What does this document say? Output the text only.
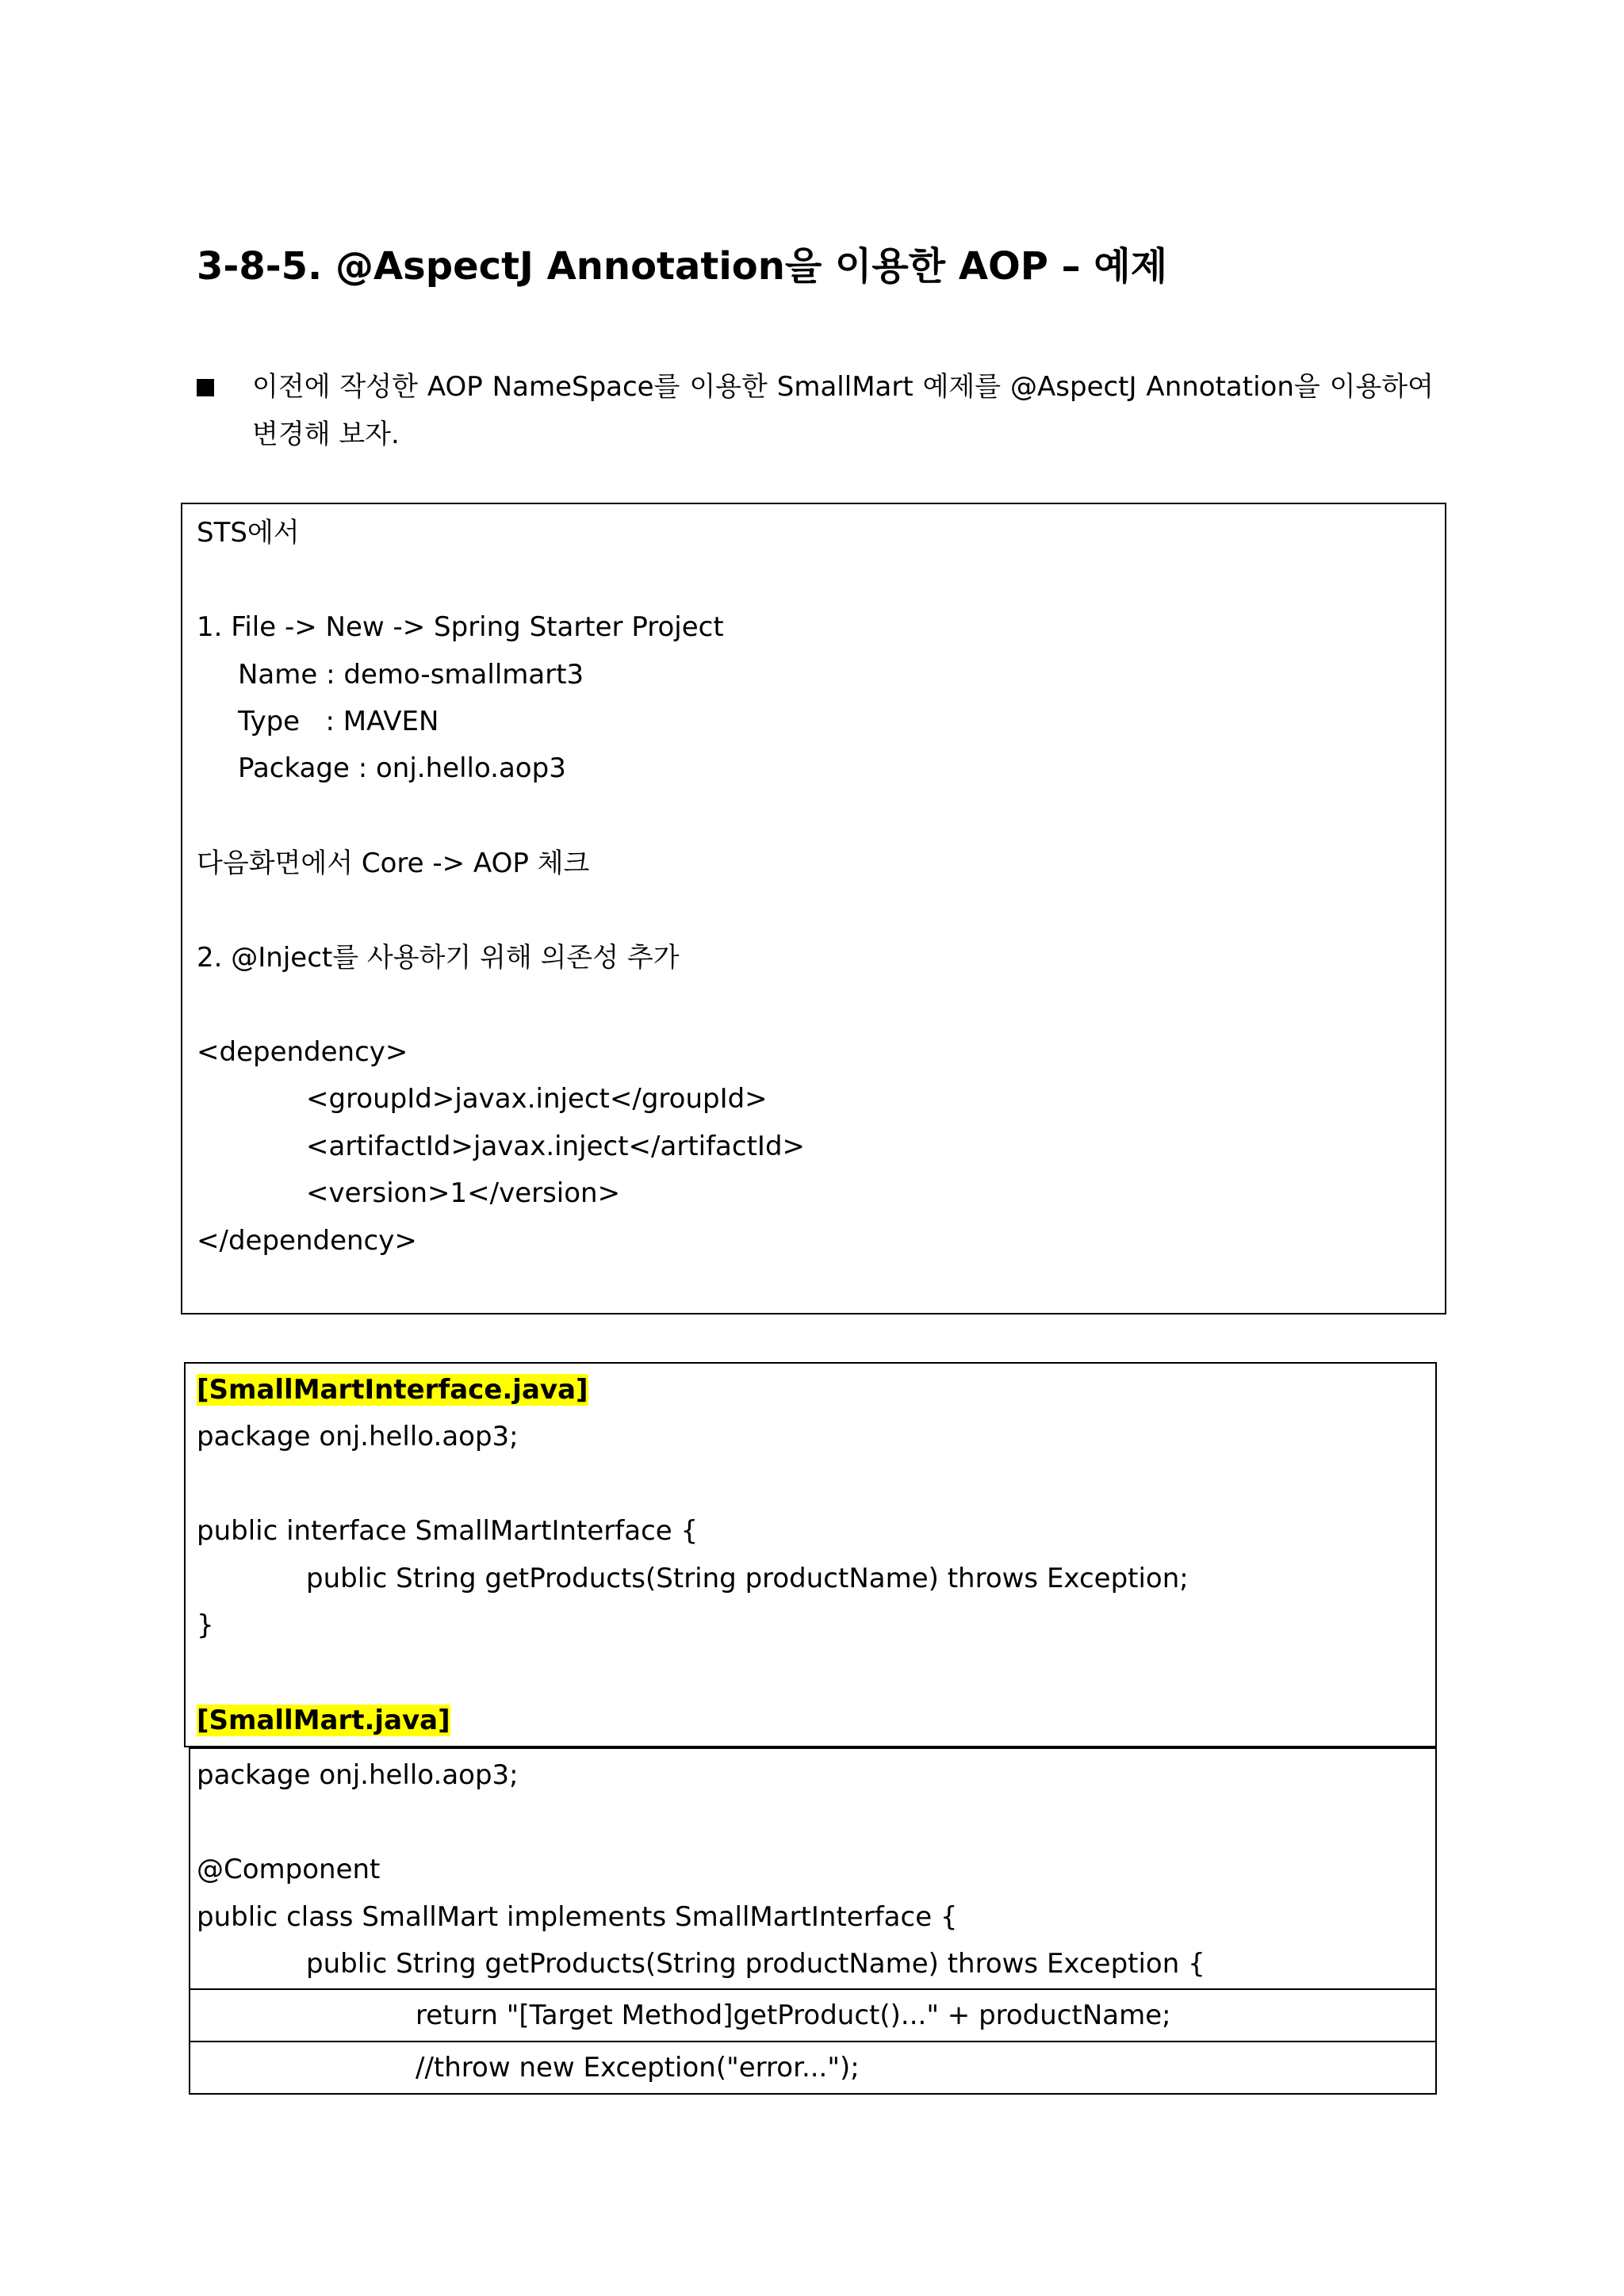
3-8-5. @AspectJ Annotation을 이용한 AOP – 예제
이전에 작성한 AOP NameSpace를 이용한 SmallMart 예제를 @AspectJ Annotation을 이용하여 변경해 보자.
STS에서
1. File -> New -> Spring Starter Project
Name : demo-smallmart3
Type   : MAVEN
Package : onj.hello.aop3
다음화면에서 Core -> AOP 체크
2. @Inject를 사용하기 위해 의존성 추가
<dependency>
<groupId>javax.inject</groupId>
<artifactId>javax.inject</artifactId>
<version>1</version>
</dependency>
[SmallMartInterface.java]
package onj.hello.aop3;
public interface SmallMartInterface {
public String getProducts(String productName) throws Exception;
}
[SmallMart.java]
package onj.hello.aop3;
@Component
public class SmallMart implements SmallMartInterface {
public String getProducts(String productName) throws Exception {
return "[Target Method]getProduct()..." + productName;
//throw new Exception("error...");
